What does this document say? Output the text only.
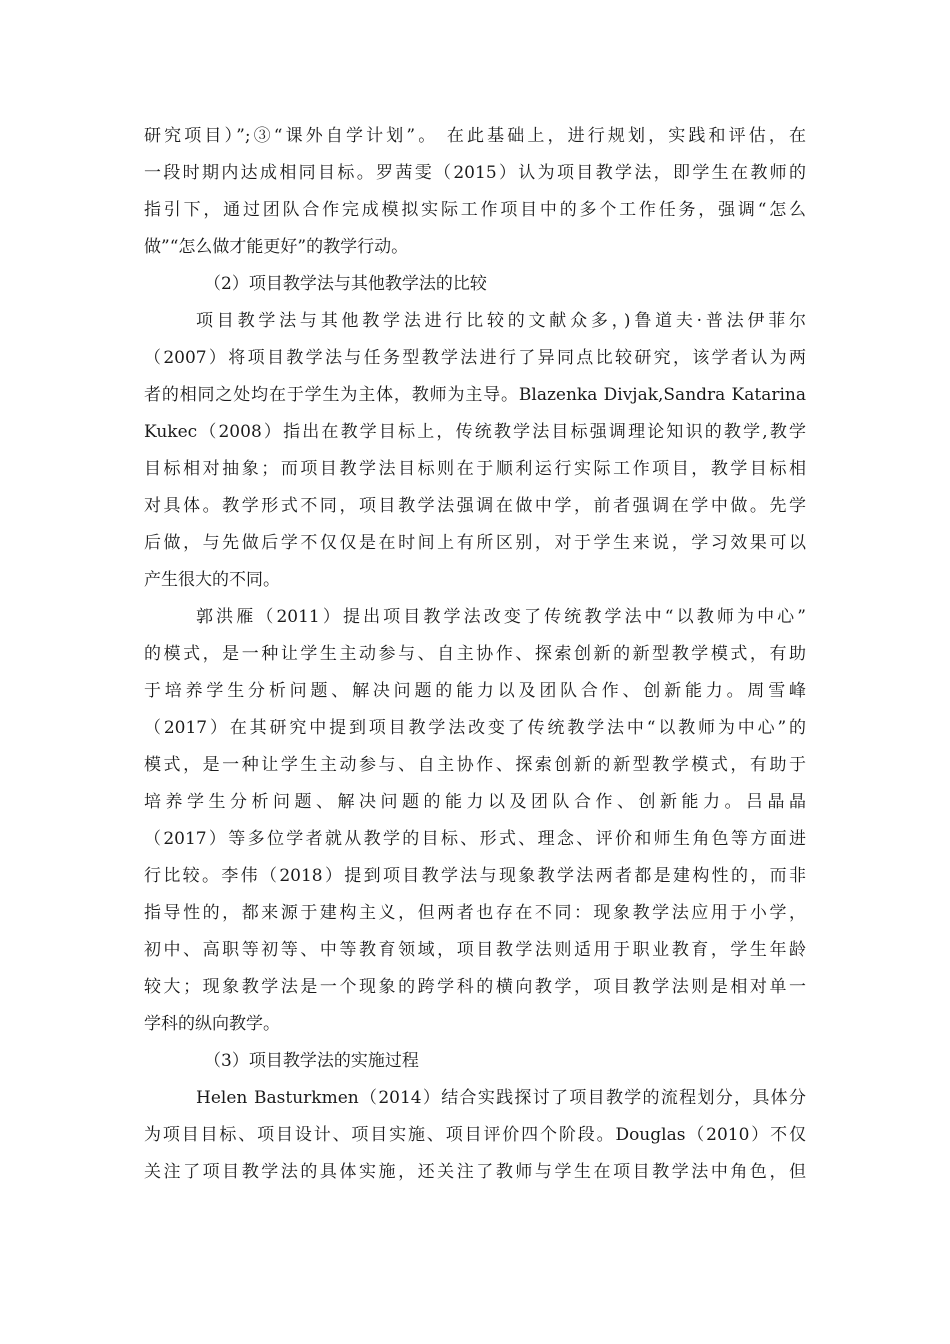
研究项目）”;③“课外自学计划”。 在此基础上，进行规划，实践和评估，在
一段时期内达成相同目标。罗茜雯（2015）认为项目教学法，即学生在教师的
指引下，通过团队合作完成模拟实际工作项目中的多个工作任务，强调“怎么
做”“怎么做才能更好”的教学行动。
（2）项目教学法与其他教学法的比较
项目教学法与其他教学法进行比较的文献众多，)鲁道夫·普法伊菲尔
（2007）将项目教学法与任务型教学法进行了异同点比较研究，该学者认为两
者的相同之处均在于学生为主体，教师为主导。Blazenka Divjak,Sandra Katarina
Kukec（2008）指出在教学目标上，传统教学法目标强调理论知识的教学,教学
目标相对抽象；而项目教学法目标则在于顺利运行实际工作项目，教学目标相
对具体。教学形式不同，项目教学法强调在做中学，前者强调在学中做。先学
后做，与先做后学不仅仅是在时间上有所区别，对于学生来说，学习效果可以
产生很大的不同。
郭洪雁（2011）提出项目教学法改变了传统教学法中“以教师为中心”
的模式，是一种让学生主动参与、自主协作、探索创新的新型教学模式，有助
于培养学生分析问题、解决问题的能力以及团队合作、创新能力。周雪峰
（2017）在其研究中提到项目教学法改变了传统教学法中“以教师为中心”的
模式，是一种让学生主动参与、自主协作、探索创新的新型教学模式，有助于
培养学生分析问题、解决问题的能力以及团队合作、创新能力。吕晶晶
（2017）等多位学者就从教学的目标、形式、理念、评价和师生角色等方面进
行比较。李伟（2018）提到项目教学法与现象教学法两者都是建构性的，而非
指导性的，都来源于建构主义，但两者也存在不同：现象教学法应用于小学，
初中、高职等初等、中等教育领域，项目教学法则适用于职业教育，学生年龄
较大；现象教学法是一个现象的跨学科的横向教学，项目教学法则是相对单一
学科的纵向教学。
（3）项目教学法的实施过程
Helen Basturkmen（2014）结合实践探讨了项目教学的流程划分，具体分
为项目目标、项目设计、项目实施、项目评价四个阶段。Douglas（2010）不仅
关注了项目教学法的具体实施，还关注了教师与学生在项目教学法中角色，但
